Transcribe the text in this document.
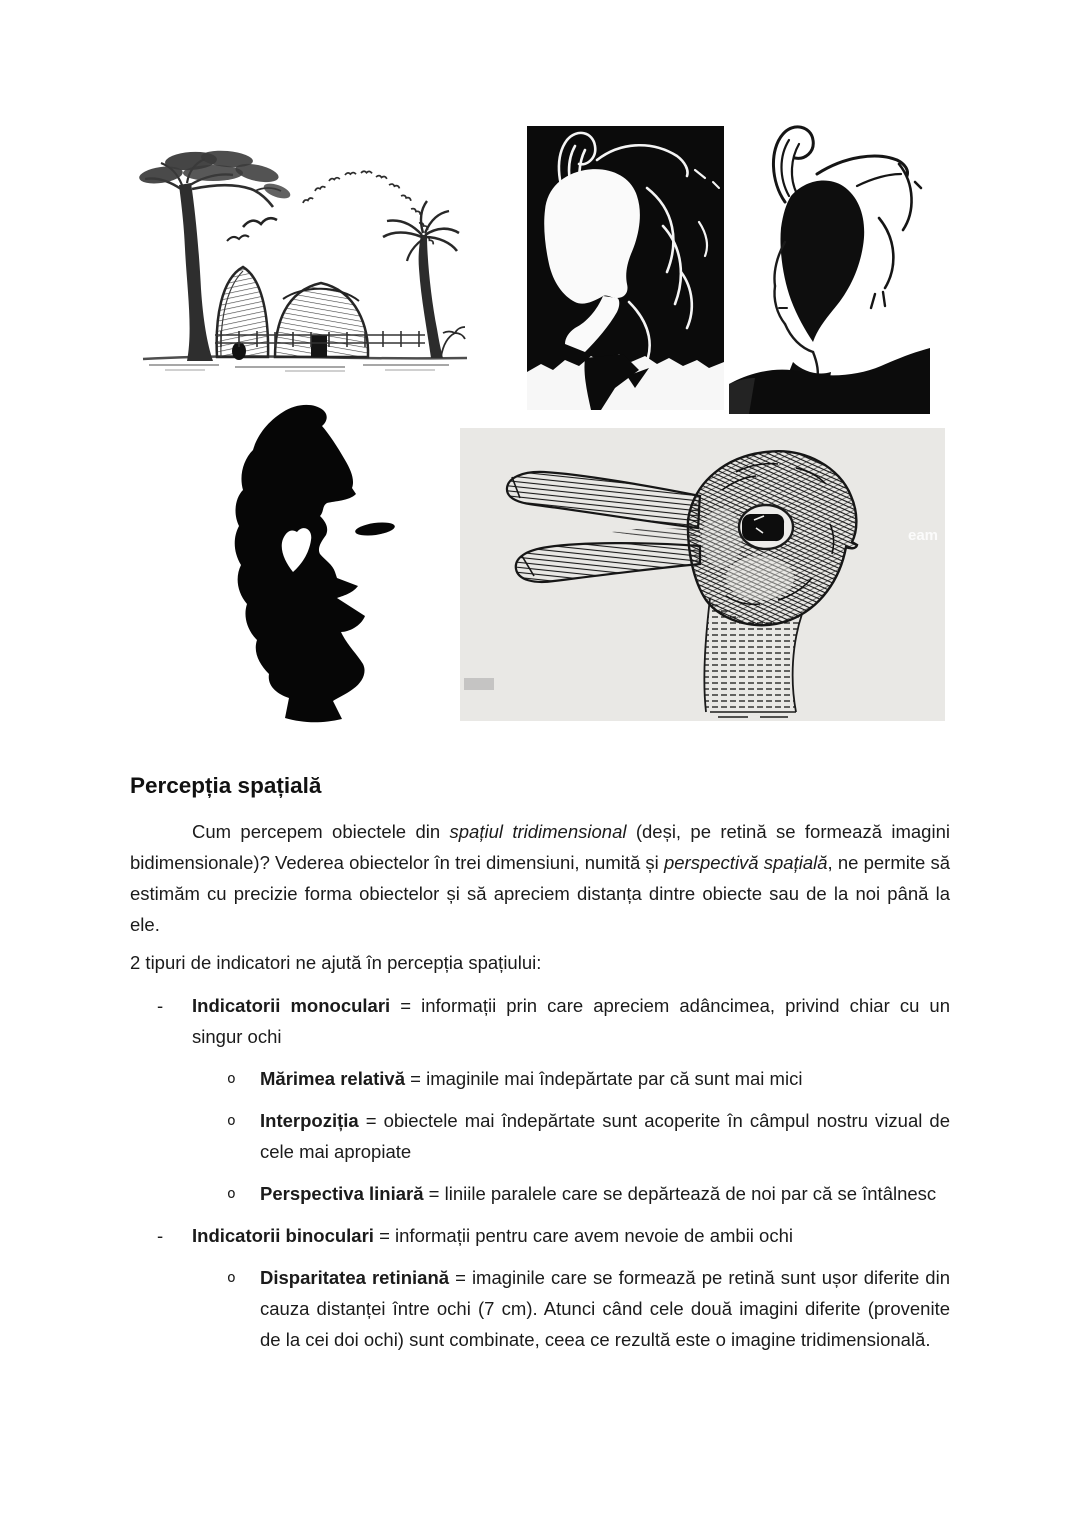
eam
Percepția spațială

Cum percepem obiectele din spațiul tridimensional (deși, pe retină se formează imagini bidimensionale)? Vederea obiectelor în trei dimensiuni, numită și perspectivă spațială, ne permite să estimăm cu precizie forma obiectelor și să apreciem distanța dintre obiecte sau de la noi până la ele.

2 tipuri de indicatori ne ajută în percepția spațiului:

- Indicatorii monoculari = informații prin care apreciem adâncimea, privind chiar cu un singur ochi
o Mărimea relativă = imaginile mai îndepărtate par că sunt mai mici
o Interpoziția = obiectele mai îndepărtate sunt acoperite în câmpul nostru vizual de cele mai apropiate
o Perspectiva liniară = liniile paralele care se depărtează de noi par că se întâlnesc
- Indicatorii binoculari = informații pentru care avem nevoie de ambii ochi
o Disparitatea retiniană = imaginile care se formează pe retină sunt ușor diferite din cauza distanței între ochi (7 cm). Atunci când cele două imagini diferite (provenite de la cei doi ochi) sunt combinate, ceea ce rezultă este o imagine tridimensională.
